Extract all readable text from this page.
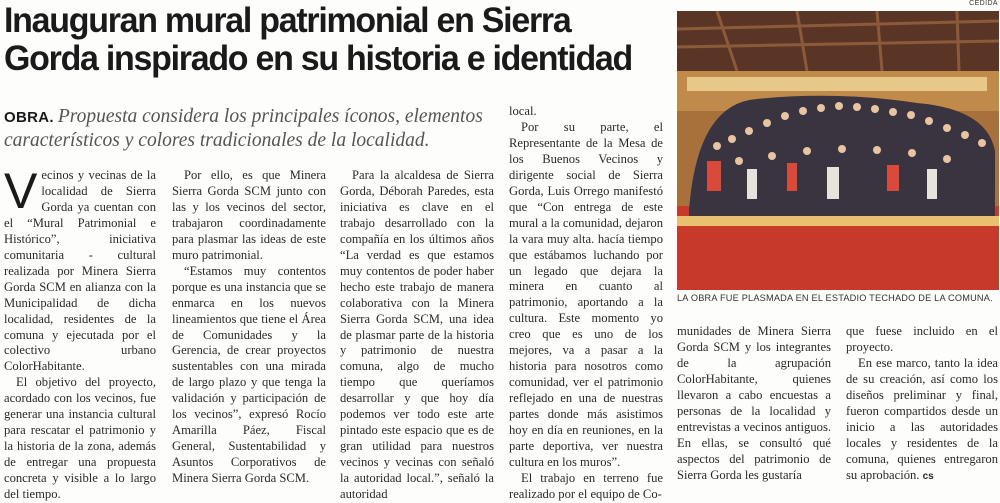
Inauguran mural patrimonial en Sierra Gorda inspirado en su historia e identidad
OBRA. Propuesta considera los principales íconos, elementos característicos y colores tradicionales de la localidad.

Vecinos y vecinas de la localidad de Sierra Gorda ya cuentan con el “Mural Patrimonial e Histórico”, iniciativa comunitaria - cultural realizada por Minera Sierra Gorda SCM en alianza con la Municipalidad de dicha localidad, residentes de la comuna y ejecutada por el colectivo urbano ColorHabitante.

El objetivo del proyecto, acordado con los vecinos, fue generar una instancia cultural para rescatar el patrimonio y la historia de la zona, además de entregar una propuesta concreta y visible a lo largo del tiempo.

Por ello, es que Minera Sierra Gorda SCM junto con las y los vecinos del sector, trabajaron coordinadamente para plasmar las ideas de este muro patrimonial.

“Estamos muy contentos porque es una instancia que se enmarca en los nuevos lineamientos que tiene el Área de Comunidades y la Gerencia, de crear proyectos sustentables con una mirada de largo plazo y que tenga la validación y participación de los vecinos”, expresó Rocío Amarilla Páez, Fiscal General, Sustentabilidad y Asuntos Corporativos de Minera Sierra Gorda SCM.

Para la alcaldesa de Sierra Gorda, Déborah Paredes, esta iniciativa es clave en el trabajo desarrollado con la compañía en los últimos años “La verdad es que estamos muy contentos de poder haber hecho este trabajo de manera colaborativa con la Minera Sierra Gorda SCM, una idea de plasmar parte de la historia y patrimonio de nuestra comuna, algo de mucho tiempo que queríamos desarrollar y que hoy día podemos ver todo este arte pintado este espacio que es de gran utilidad para nuestros vecinos y vecinas con señaló la autoridad local.”, señaló la autoridad

local.

Por su parte, el Representante de la Mesa de los Buenos Vecinos y dirigente social de Sierra Gorda, Luis Orrego manifestó que “Con entrega de este mural a la comunidad, dejaron la vara muy alta. hacía tiempo que estábamos luchando por un legado que dejara la minera en cuanto al patrimonio, aportando a la cultura. Este momento yo creo que es uno de los mejores, va a pasar a la historia para nosotros como comunidad, ver el patrimonio reflejado en una de nuestras partes donde más asistimos hoy en día en reuniones, en la parte deportiva, ver nuestra cultura en los muros”.

El trabajo en terreno fue realizado por el equipo de Co-

CEDIDA
LA OBRA FUE PLASMADA EN EL ESTADIO TECHADO DE LA COMUNA.

munidades de Minera Sierra Gorda SCM y los integrantes de la agrupación ColorHabitante, quienes llevaron a cabo encuestas a personas de la localidad y entrevistas a vecinos antiguos. En ellas, se consultó qué aspectos del patrimonio de Sierra Gorda les gustaría

que fuese incluido en el proyecto.

En ese marco, tanto la idea de su creación, así como los diseños preliminar y final, fueron compartidos desde un inicio a las autoridades locales y residentes de la comuna, quienes entregaron su aprobación. cs
